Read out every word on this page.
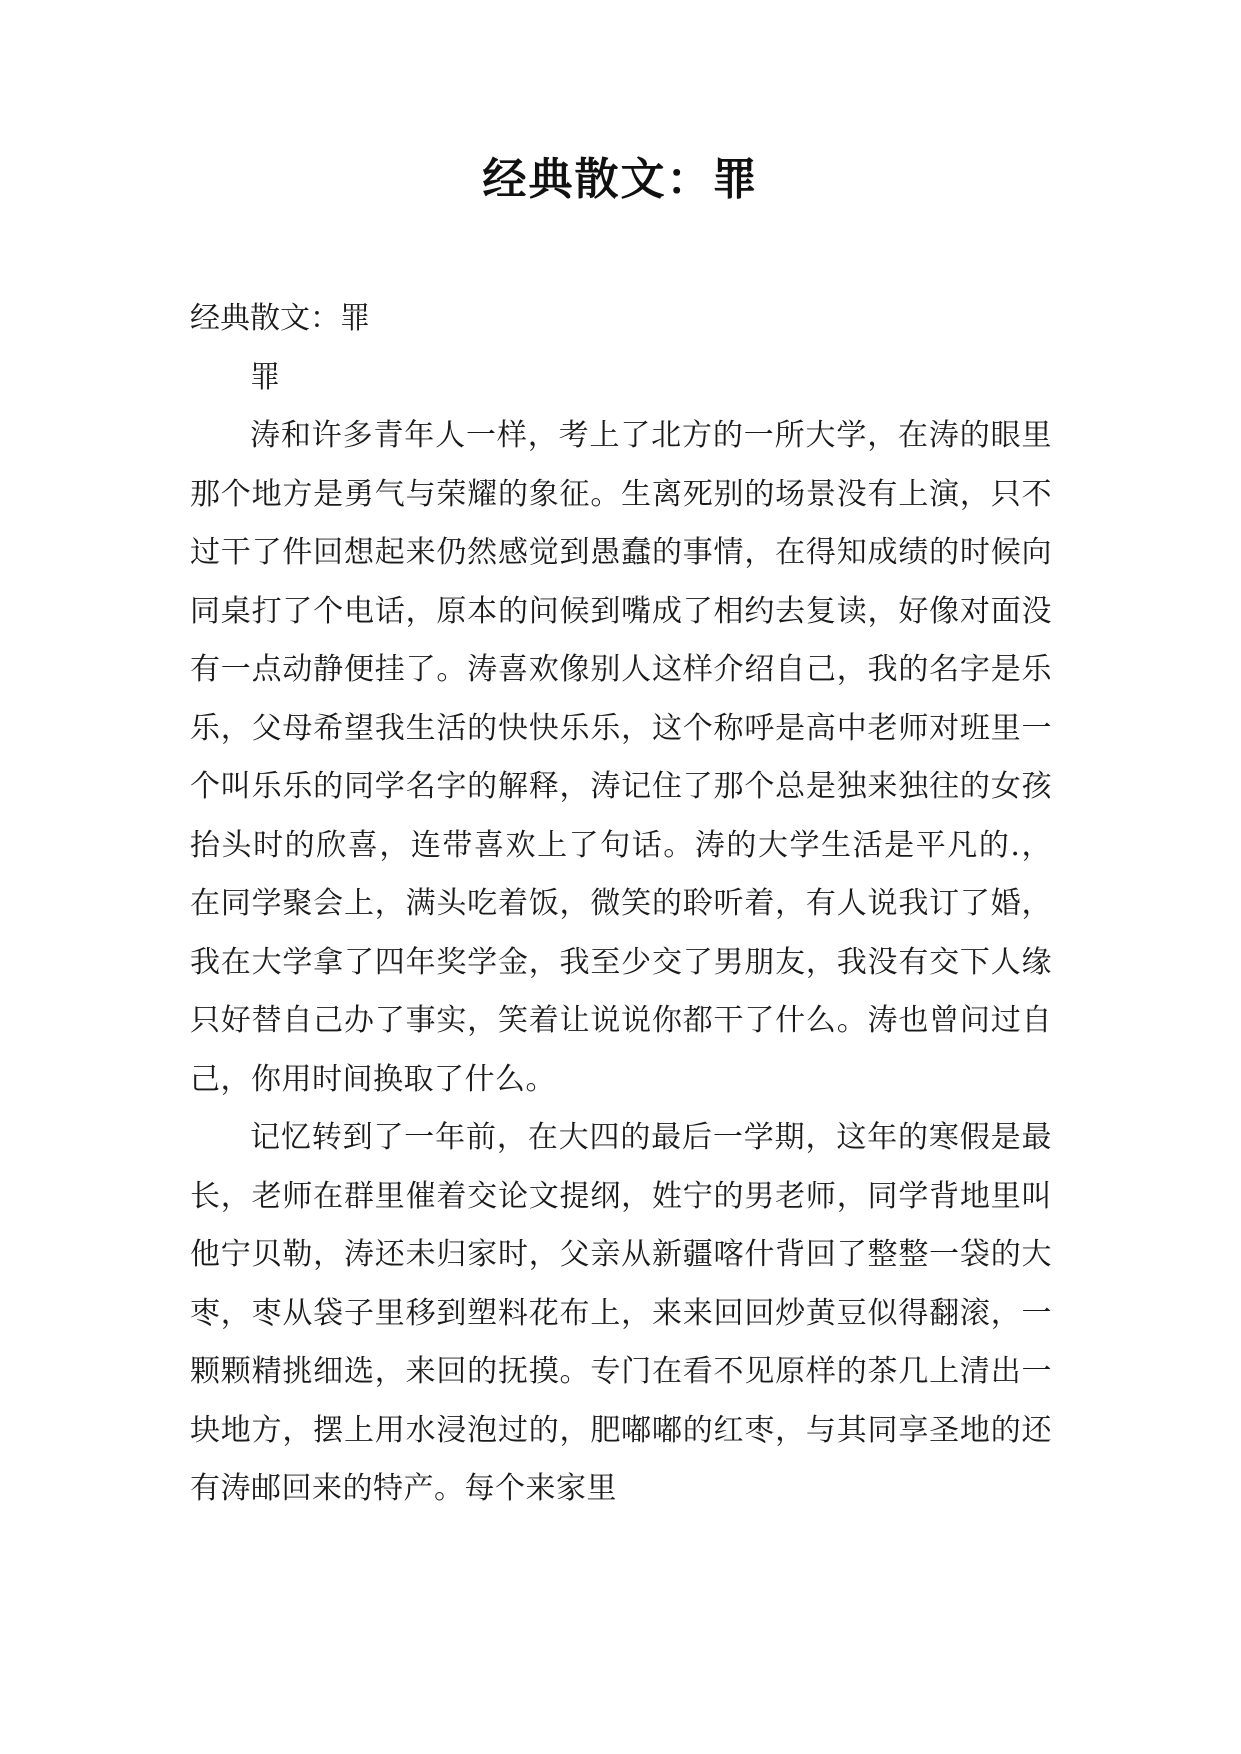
经典散文：罪

经典散文：罪

罪

涛和许多青年人一样，考上了北方的一所大学，在涛的眼里那个地方是勇气与荣耀的象征。生离死别的场景没有上演，只不过干了件回想起来仍然感觉到愚蠢的事情，在得知成绩的时候向同桌打了个电话，原本的问候到嘴成了相约去复读，好像对面没有一点动静便挂了。涛喜欢像别人这样介绍自己，我的名字是乐乐，父母希望我生活的快快乐乐，这个称呼是高中老师对班里一个叫乐乐的同学名字的解释，涛记住了那个总是独来独往的女孩抬头时的欣喜，连带喜欢上了句话。涛的大学生活是平凡的.，在同学聚会上，满头吃着饭，微笑的聆听着，有人说我订了婚，我在大学拿了四年奖学金，我至少交了男朋友，我没有交下人缘只好替自己办了事实，笑着让说说你都干了什么。涛也曾问过自己，你用时间换取了什么。

记忆转到了一年前，在大四的最后一学期，这年的寒假是最长，老师在群里催着交论文提纲，姓宁的男老师，同学背地里叫他宁贝勒，涛还未归家时，父亲从新疆喀什背回了整整一袋的大枣，枣从袋子里移到塑料花布上，来来回回炒黄豆似得翻滚，一颗颗精挑细选，来回的抚摸。专门在看不见原样的茶几上清出一块地方，摆上用水浸泡过的，肥嘟嘟的红枣，与其同享圣地的还有涛邮回来的特产。每个来家里
